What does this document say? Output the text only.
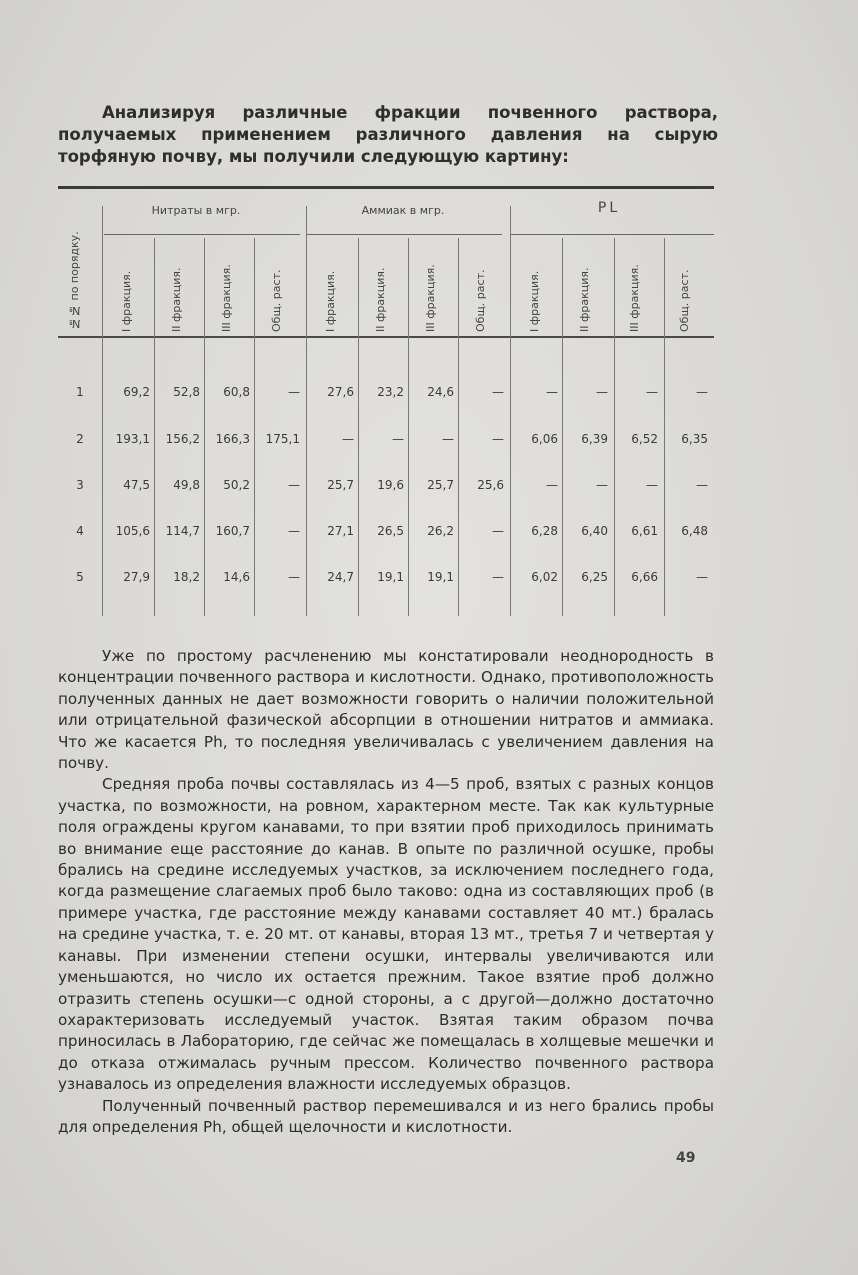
Анализируя различные фракции почвенного раствора, получаемых применением различного давления на сырую торфяную почву, мы получили следующую картину:
№№ по порядку.
Нитраты в мгр.	Аммиак в мгр.	PL
I фракция.	II фракция.	III фракция.	Общ. раст.	I фракция.	II фракция.	III фракция.	Общ. раст.	I фракция.	II фракция.	III фракция.	Общ. раст.
1	69,2	52,8	60,8	—	27,6	23,2	24,6	—	—	—	—	—
2	193,1	156,2	166,3	175,1	—	—	—	—	6,06	6,39	6,52	6,35
3	47,5	49,8	50,2	—	25,7	19,6	25,7	25,6	—	—	—	—
4	105,6	114,7	160,7	—	27,1	26,5	26,2	—	6,28	6,40	6,61	6,48
5	27,9	18,2	14,6	—	24,7	19,1	19,1	—	6,02	6,25	6,66	—

Уже по простому расчленению мы констатировали неоднородность в концентрации почвенного раствора и кислотности. Однако, противоположность полученных данных не дает возможности говорить о наличии положительной или отрицательной фазической абсорпции в отношении нитратов и аммиака. Что же касается Ph, то последняя увеличивалась с увеличением давления на почву.

Средняя проба почвы составлялась из 4—5 проб, взятых с разных концов участка, по возможности, на ровном, характерном месте. Так как культурные поля ограждены кругом канавами, то при взятии проб приходилось принимать во внимание еще расстояние до канав. В опыте по различной осушке, пробы брались на средине исследуемых участков, за исключением последнего года, когда размещение слагаемых проб было таково: одна из составляющих проб (в примере участка, где расстояние между канавами составляет 40 мт.) бралась на средине участка, т. е. 20 мт. от канавы, вторая 13 мт., третья 7 и четвертая у канавы. При изменении степени осушки, интервалы увеличиваются или уменьшаются, но число их остается прежним. Такое взятие проб должно отразить степень осушки—с одной стороны, а с другой—должно достаточно охарактеризовать исследуемый участок. Взятая таким образом почва приносилась в Лабораторию, где сейчас же помещалась в холщевые мешечки и до отказа отжималась ручным прессом. Количество почвенного раствора узнавалось из определения влажности исследуемых образцов.

Полученный почвенный раствор перемешивался и из него брались пробы для определения Ph, общей щелочности и кислотности.

49
